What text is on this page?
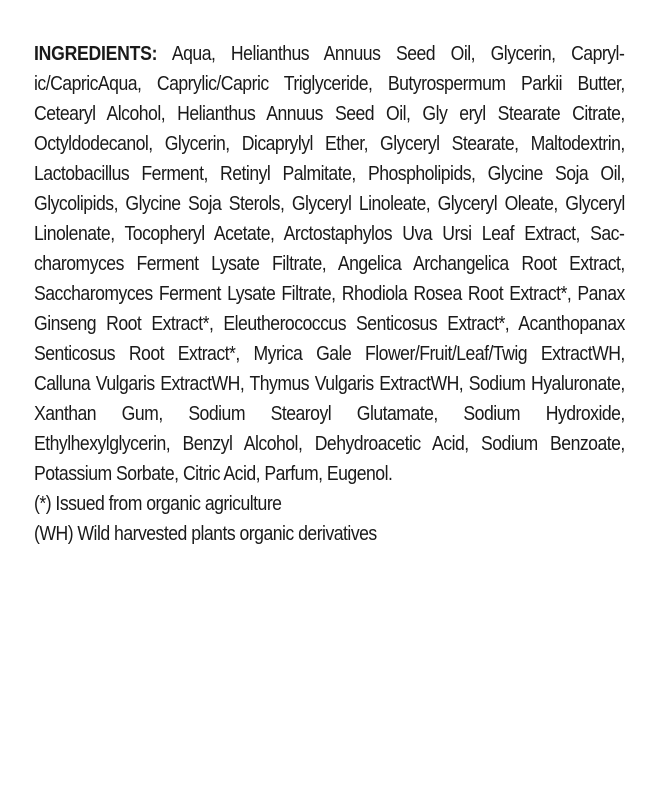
INGREDIENTS: Aqua, Helianthus Annuus Seed Oil, Glycerin, Caprylic/CapricAqua, Caprylic/Capric Triglyceride, Butyrospermum Parkii Butter, Cetearyl Alcohol, Helianthus Annuus Seed Oil, Gly eryl Stearate Citrate, Octyldodecanol, Glycerin, Dicaprylyl Ether, Glyceryl Stearate, Maltodextrin, Lactobacillus Ferment, Retinyl Palmitate, Phospholipids, Glycine Soja Oil, Glycolipids, Glycine Soja Sterols, Glyceryl Linoleate, Glyceryl Oleate, Glyceryl Linolenate, Tocopheryl Acetate, Arctostaphylos Uva Ursi Leaf Extract, Saccharomyces Ferment Lysate Filtrate, Angelica Archangelica Root Extract, Saccharomyces Ferment Lysate Filtrate, Rhodiola Rosea Root Extract*, Panax Ginseng Root Extract*, Eleutherococcus Senticosus Extract*, Acanthopanax Senticosus Root Extract*, Myrica Gale Flower/Fruit/Leaf/Twig ExtractWH, Calluna Vulgaris ExtractWH, Thymus Vulgaris ExtractWH, Sodium Hyaluronate, Xanthan Gum, Sodium Stearoyl Glutamate, Sodium Hydroxide, Ethylhexylglycerin, Benzyl Alcohol, Dehydroacetic Acid, Sodium Benzoate, Potassium Sorbate, Citric Acid, Parfum, Eugenol.

(*) Issued from organic agriculture

(WH) Wild harvested plants organic derivatives
